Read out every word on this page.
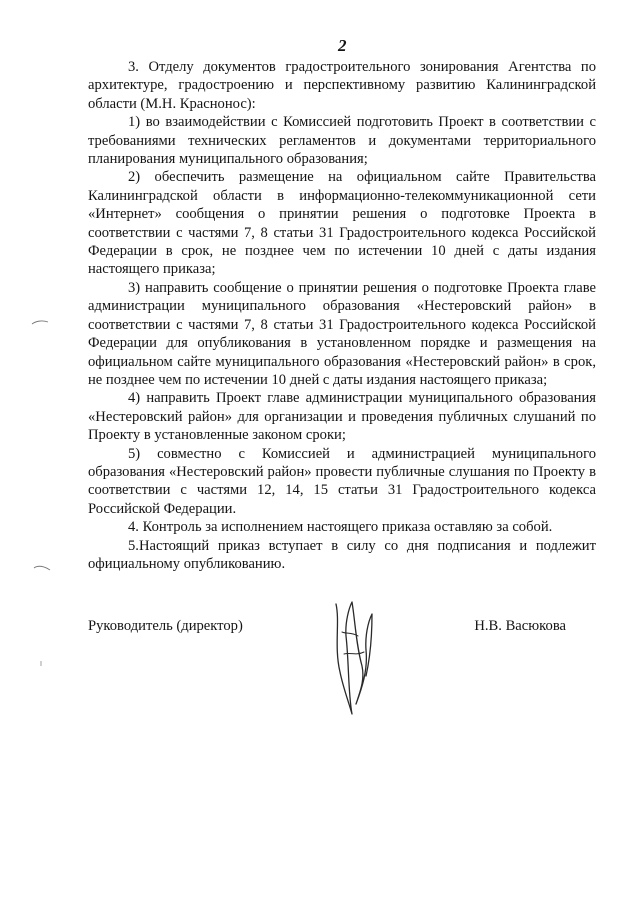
2

3. Отделу документов градостроительного зонирования Агентства по архитектуре, градостроению и перспективному развитию Калининградской области (М.Н. Краснонос):

1) во взаимодействии с Комиссией подготовить Проект в соответствии с требованиями технических регламентов и документами территориального планирования муниципального образования;

2) обеспечить размещение на официальном сайте Правительства Калининградской области в информационно-телекоммуникационной сети «Интернет» сообщения о принятии решения о подготовке Проекта в соответствии с частями 7, 8 статьи 31 Градостроительного кодекса Российской Федерации в срок, не позднее чем по истечении 10 дней с даты издания настоящего приказа;

3) направить сообщение о принятии решения о подготовке Проекта главе администрации муниципального образования «Нестеровский район» в соответствии с частями 7, 8 статьи 31 Градостроительного кодекса Российской Федерации для опубликования в установленном порядке и размещения на официальном сайте муниципального образования «Нестеровский район» в срок, не позднее чем по истечении 10 дней с даты издания настоящего приказа;

4) направить Проект главе администрации муниципального образования «Нестеровский район» для организации и проведения публичных слушаний по Проекту в установленные законом сроки;

5) совместно с Комиссией и администрацией муниципального образования «Нестеровский район» провести публичные слушания по Проекту в соответствии с частями 12, 14, 15 статьи 31 Градостроительного кодекса Российской Федерации.

4. Контроль за исполнением настоящего приказа оставляю за собой.

5.Настоящий приказ вступает в силу со дня подписания и подлежит официальному опубликованию.

Руководитель (директор)	Н.В. Васюкова
